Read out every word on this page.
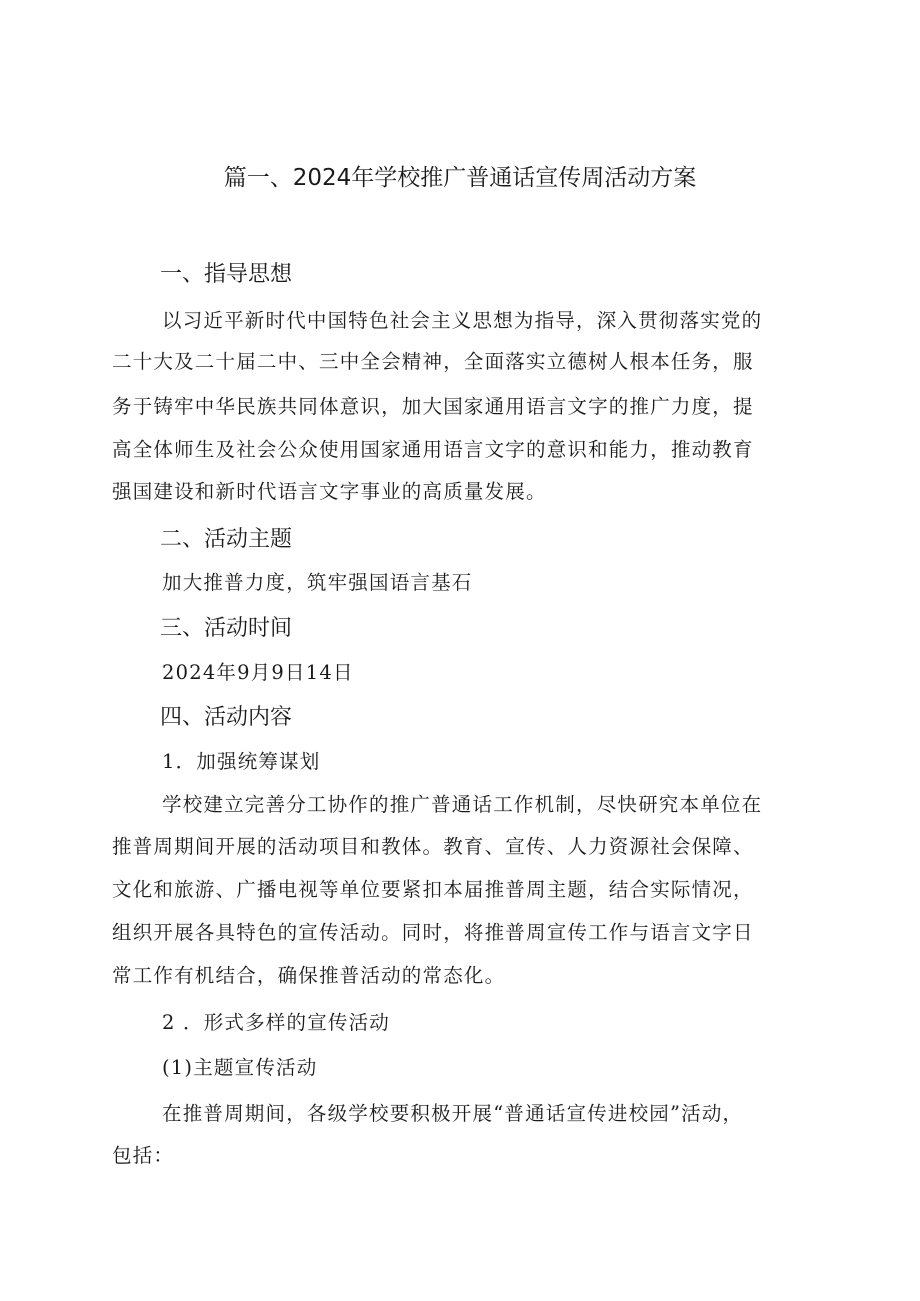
篇一、2024年学校推广普通话宣传周活动方案
一、指导思想
以习近平新时代中国特色社会主义思想为指导，深入贯彻落实党的
二十大及二十届二中、三中全会精神，全面落实立德树人根本任务，服
务于铸牢中华民族共同体意识，加大国家通用语言文字的推广力度，提
高全体师生及社会公众使用国家通用语言文字的意识和能力，推动教育
强国建设和新时代语言文字事业的高质量发展。
二、活动主题
加大推普力度，筑牢强国语言基石
三、活动时间
2024年9月9日14日
四、活动内容
1．加强统筹谋划
学校建立完善分工协作的推广普通话工作机制，尽快研究本单位在
推普周期间开展的活动项目和教体。教育、宣传、人力资源社会保障、
文化和旅游、广播电视等单位要紧扣本届推普周主题，结合实际情况，
组织开展各具特色的宣传活动。同时，将推普周宣传工作与语言文字日
常工作有机结合，确保推普活动的常态化。
2 ．形式多样的宣传活动
(1)主题宣传活动
在推普周期间，各级学校要积极开展“普通话宣传进校园”活动，
包括：
